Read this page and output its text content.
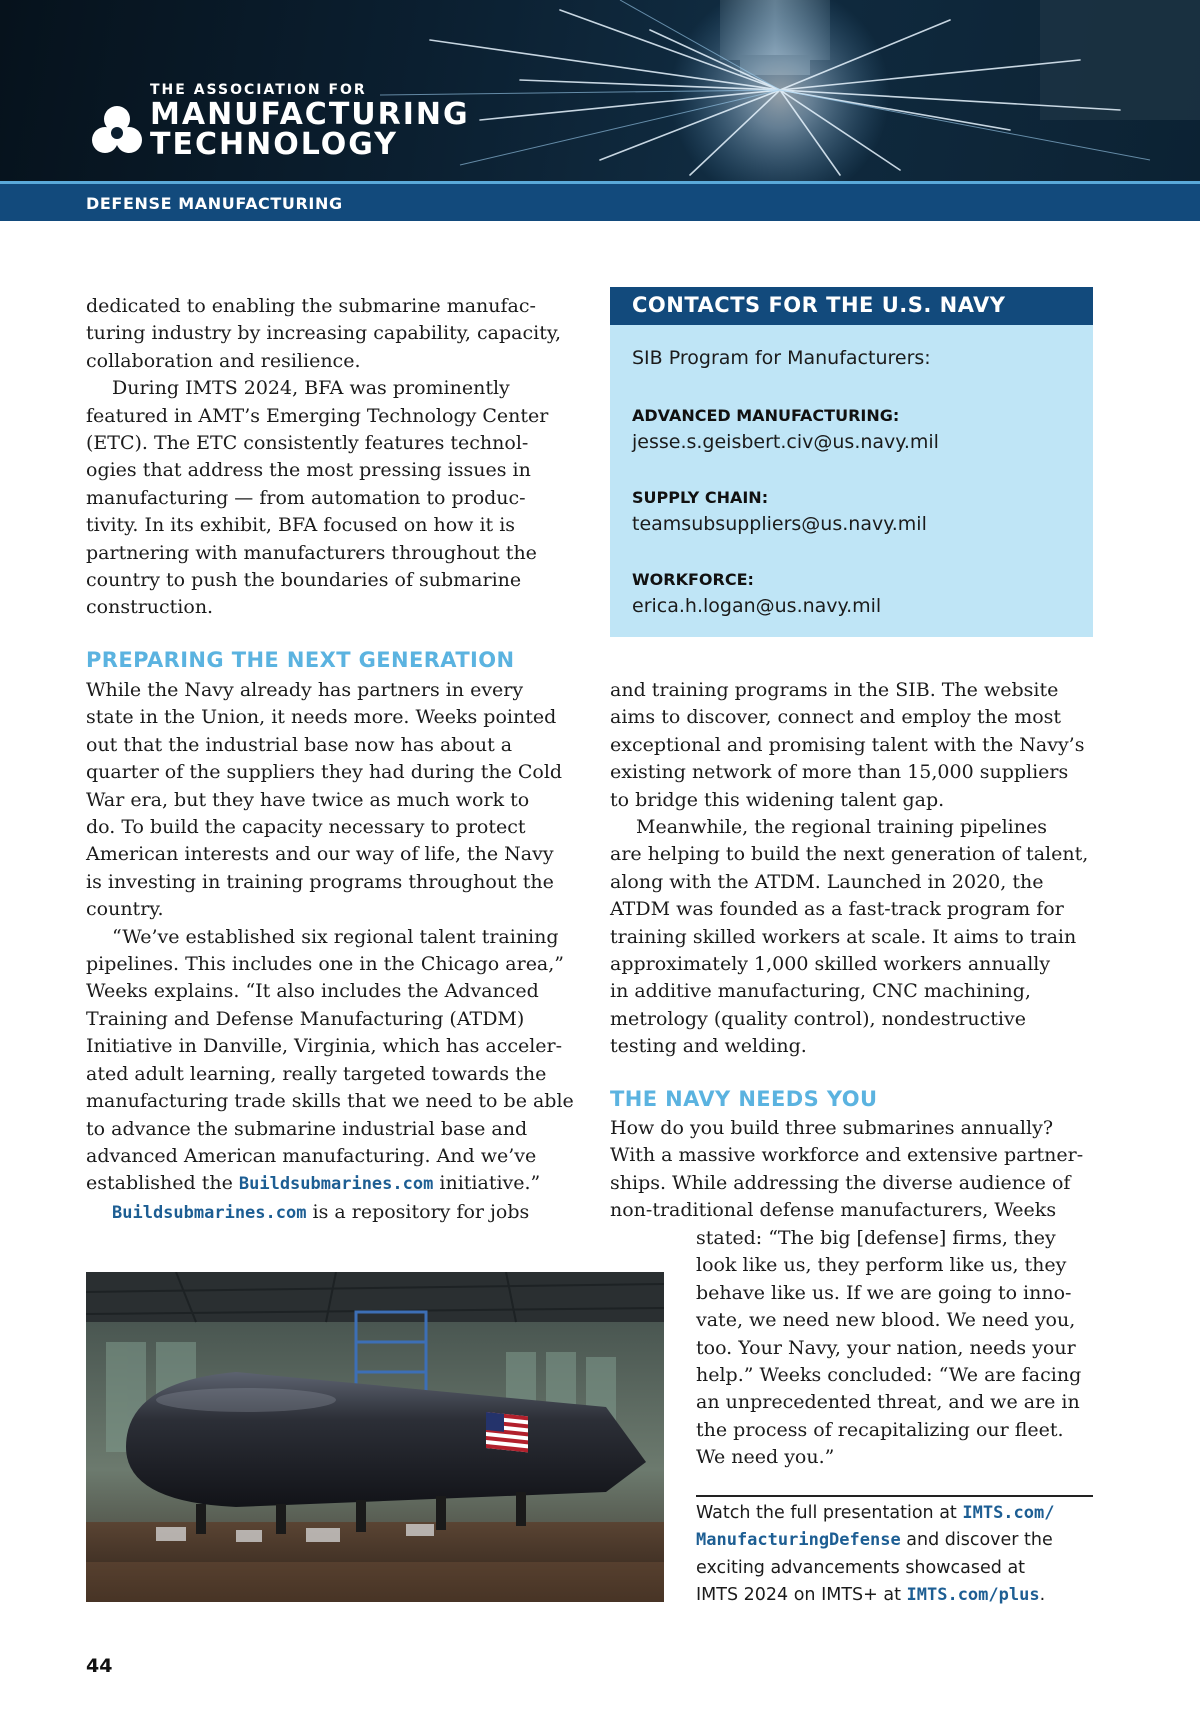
THE ASSOCIATION FOR
MANUFACTURING
TECHNOLOGY
DEFENSE MANUFACTURING

dedicated to enabling the submarine manufac-

turing industry by increasing capability, capacity,

collaboration and resilience.

During IMTS 2024, BFA was prominently

featured in AMT’s Emerging Technology Center

(ETC). The ETC consistently features technol-

ogies that address the most pressing issues in

manufacturing — from automation to produc-

tivity. In its exhibit, BFA focused on how it is

partnering with manufacturers throughout the

country to push the boundaries of submarine

construction.

PREPARING THE NEXT GENERATION

While the Navy already has partners in every

state in the Union, it needs more. Weeks pointed

out that the industrial base now has about a

quarter of the suppliers they had during the Cold

War era, but they have twice as much work to

do. To build the capacity necessary to protect

American interests and our way of life, the Navy

is investing in training programs throughout the

country.

“We’ve established six regional talent training

pipelines. This includes one in the Chicago area,”

Weeks explains. “It also includes the Advanced

Training and Defense Manufacturing (ATDM)

Initiative in Danville, Virginia, which has acceler-

ated adult learning, really targeted towards the

manufacturing trade skills that we need to be able

to advance the submarine industrial base and

advanced American manufacturing. And we’ve

established the Buildsubmarines.com initiative.”

Buildsubmarines.com is a repository for jobs

CONTACTS FOR THE U.S. NAVY
SIB Program for Manufacturers:
ADVANCED MANUFACTURING:
jesse.s.geisbert.civ@us.navy.mil
SUPPLY CHAIN:
teamsubsuppliers@us.navy.mil
WORKFORCE:
erica.h.logan@us.navy.mil

and training programs in the SIB. The website

aims to discover, connect and employ the most

exceptional and promising talent with the Navy’s

existing network of more than 15,000 suppliers

to bridge this widening talent gap.

Meanwhile, the regional training pipelines

are helping to build the next generation of talent,

along with the ATDM. Launched in 2020, the

ATDM was founded as a fast-track program for

training skilled workers at scale. It aims to train

approximately 1,000 skilled workers annually

in additive manufacturing, CNC machining,

metrology (quality control), nondestructive

testing and welding.

THE NAVY NEEDS YOU

How do you build three submarines annually?

With a massive workforce and extensive partner-

ships. While addressing the diverse audience of

non-traditional defense manufacturers, Weeks

stated: “The big [defense] firms, they

look like us, they perform like us, they

behave like us. If we are going to inno-

vate, we need new blood. We need you,

too. Your Navy, your nation, needs your

help.” Weeks concluded: “We are facing

an unprecedented threat, and we are in

the process of recapitalizing our fleet.

We need you.”

Watch the full presentation at IMTS.com/

ManufacturingDefense and discover the

exciting advancements showcased at

IMTS 2024 on IMTS+ at IMTS.com/plus.

44
